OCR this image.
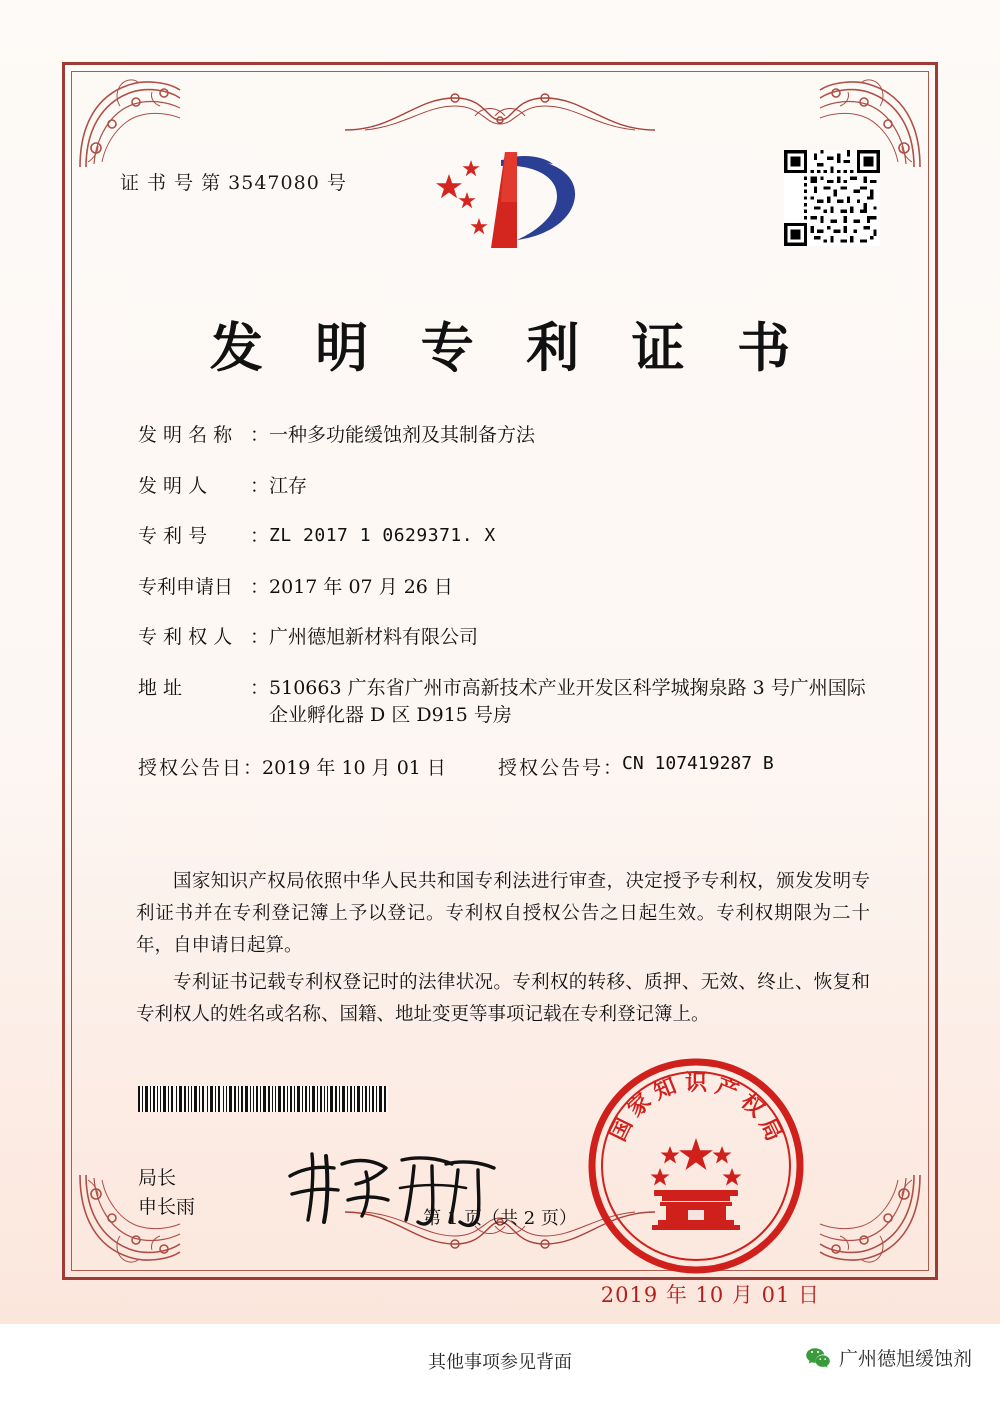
证 书 号 第 3547080 号
发 明 专 利 证 书
发 明 名 称 ： 一种多功能缓蚀剂及其制备方法
发 明 人	： 江存
专 利 号	： ZL 2017 1 0629371. X
专利申请日 ： 2017 年 07 月 26 日
专 利 权 人 ： 广州德旭新材料有限公司
地 址	： 510663 广东省广州市高新技术产业开发区科学城掬泉路 3 号广州国际企业孵化器 D 区 D915 号房
授权公告日 ： 2019 年 10 月 01 日	授权公告号 ： CN 107419287 B

国家知识产权局依照中华人民共和国专利法进行审查，决定授予专利权，颁发发明专利证书并在专利登记簿上予以登记。专利权自授权公告之日起生效。专利权期限为二十年，自申请日起算。

专利证书记载专利权登记时的法律状况。专利权的转移、质押、无效、终止、恢复和专利权人的姓名或名称、国籍、地址变更等事项记载在专利登记簿上。

局长
申长雨
国
家
知 识 产
权
局
2019 年 10 月 01 日
第 1 页（共 2 页）
其他事项参见背面	广州德旭缓蚀剂
